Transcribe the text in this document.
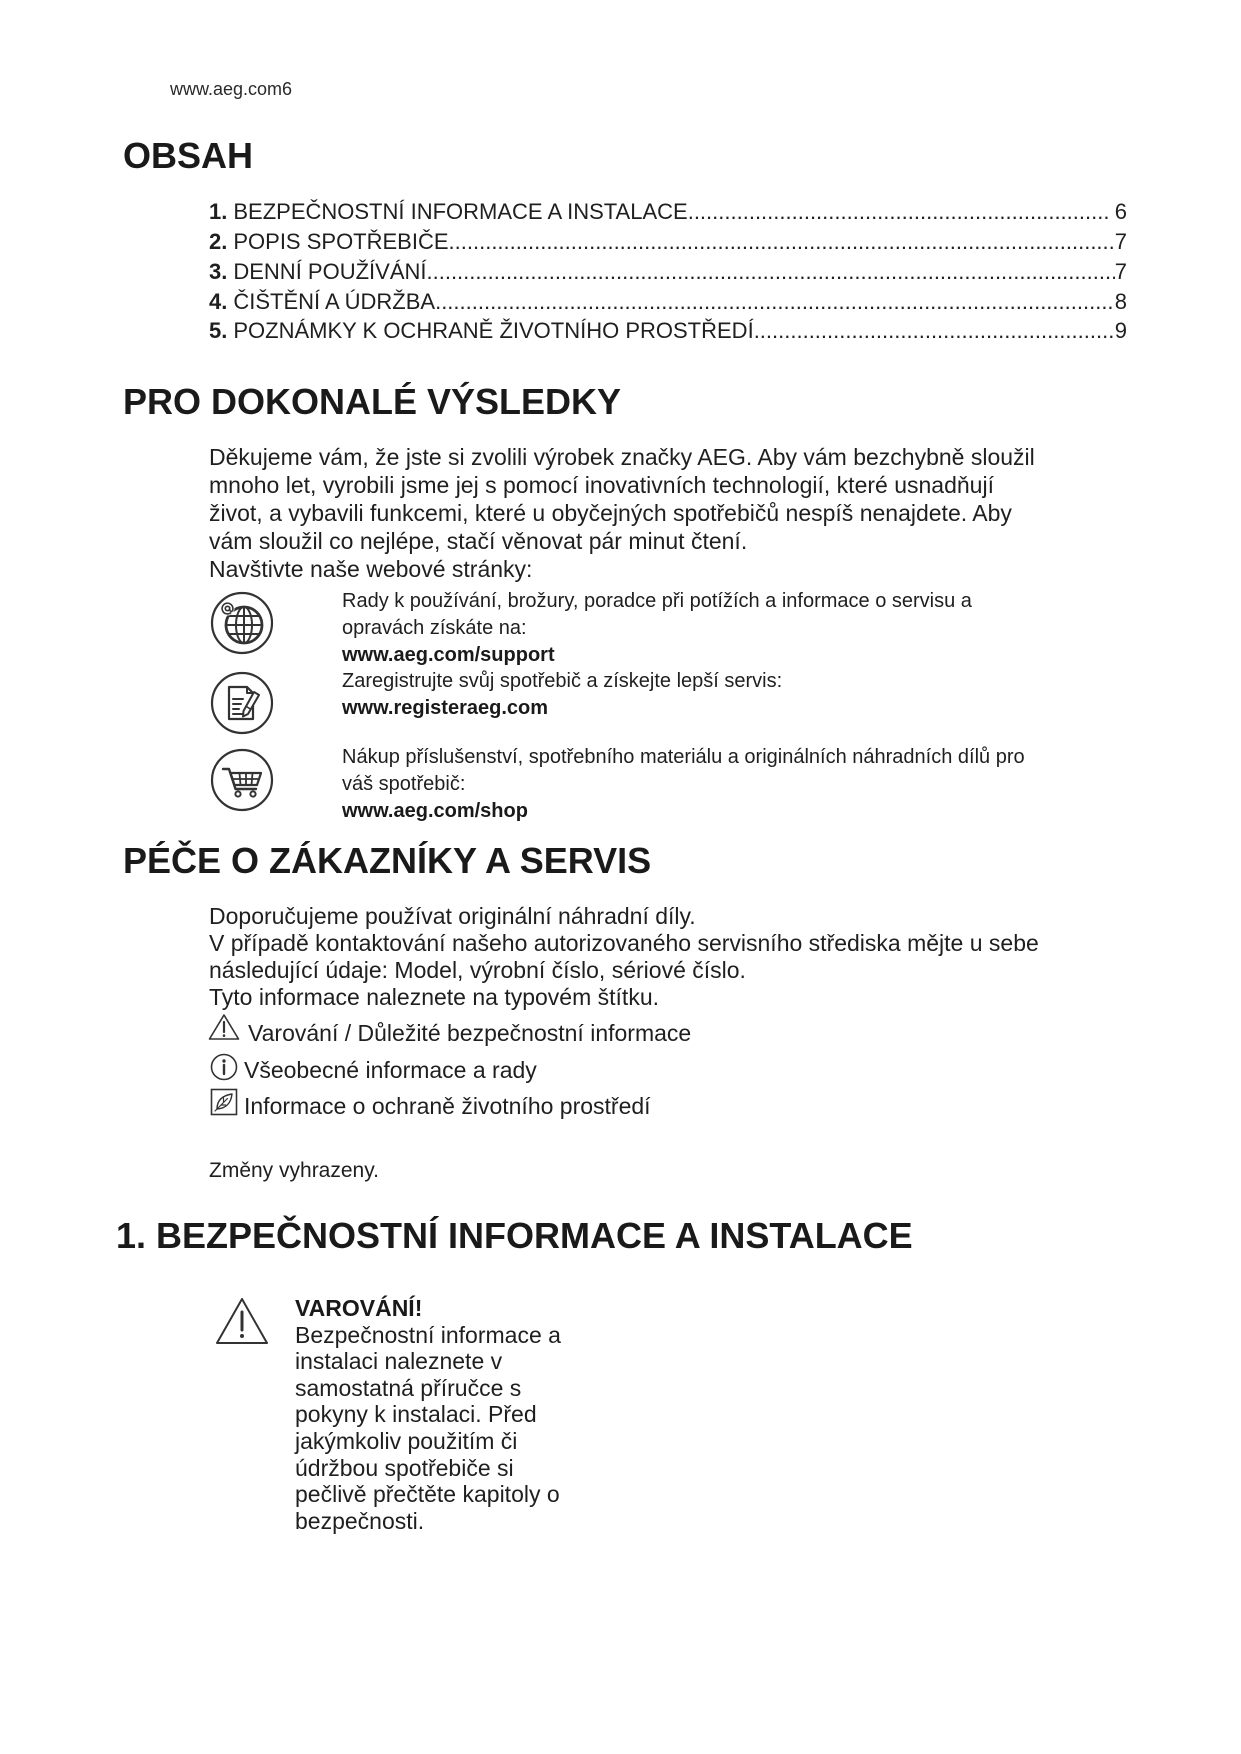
www.aeg.com6
OBSAH
1. BEZPEČNOSTNÍ INFORMACE A INSTALACE .....	6
2. POPIS SPOTŘEBIČE .....	7
3. DENNÍ POUŽÍVÁNÍ .....	7
4. ČIŠTĚNÍ A ÚDRŽBA .....	8
5. POZNÁMKY K OCHRANĚ ŽIVOTNÍHO PROSTŘEDÍ .....	9
PRO DOKONALÉ VÝSLEDKY
Děkujeme vám, že jste si zvolili výrobek značky AEG. Aby vám bezchybně sloužil
mnoho let, vyrobili jsme jej s pomocí inovativních technologií, které usnadňují
život, a vybavili funkcemi, které u obyčejných spotřebičů nespíš nenajdete. Aby
vám sloužil co nejlépe, stačí věnovat pár minut čtení.
Navštivte naše webové stránky:
Rady k používání, brožury, poradce při potížích a informace o servisu a
opravách získáte na:
www.aeg.com/support
Zaregistrujte svůj spotřebič a získejte lepší servis:
www.registeraeg.com
Nákup příslušenství, spotřebního materiálu a originálních náhradních dílů pro
váš spotřebič:
www.aeg.com/shop
PÉČE O ZÁKAZNÍKY A SERVIS
Doporučujeme používat originální náhradní díly.
V případě kontaktování našeho autorizovaného servisního střediska mějte u sebe
následující údaje: Model, výrobní číslo, sériové číslo.
Tyto informace naleznete na typovém štítku.
Varování / Důležité bezpečnostní informace
Všeobecné informace a rady
Informace o ochraně životního prostředí
Změny vyhrazeny.
1. BEZPEČNOSTNÍ INFORMACE A INSTALACE
VAROVÁNÍ!
Bezpečnostní informace a
instalaci naleznete v
samostatná příručce s
pokyny k instalaci. Před
jakýmkoliv použitím či
údržbou spotřebiče si
pečlivě přečtěte kapitoly o
bezpečnosti.
